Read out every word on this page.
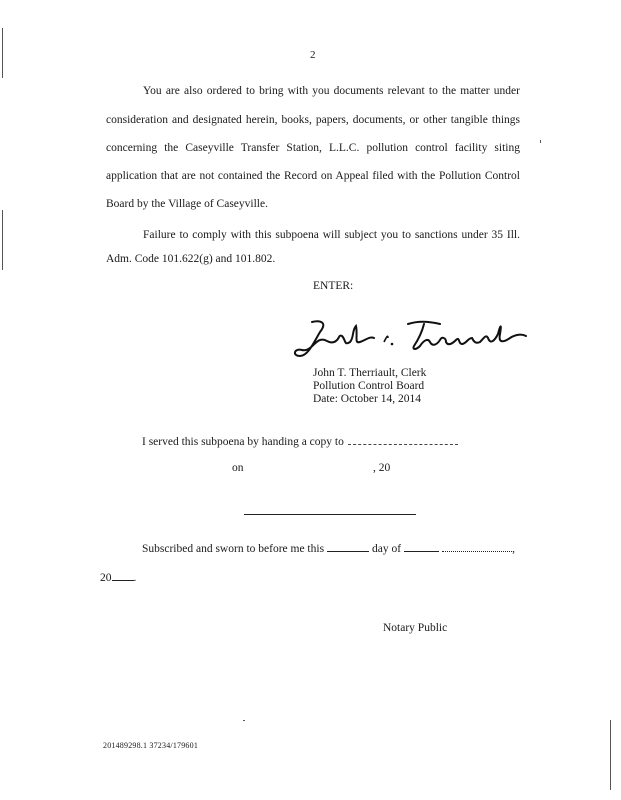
2
You are also ordered to bring with you documents relevant to the matter under
consideration and designated herein, books, papers, documents, or other tangible things
concerning the Caseyville Transfer Station, L.L.C. pollution control facility siting
application that are not contained the Record on Appeal filed with the Pollution Control
Board by the Village of Caseyville.
Failure to comply with this subpoena will subject you to sanctions under 35 Ill.
Adm. Code 101.622(g) and 101.802.
ENTER:
John T. Therriault, Clerk
Pollution Control Board
Date: October 14, 2014
I served this subpoena by handing a copy to
on	, 20
Subscribed and sworn to before me this	day of	,
20 .
Notary Public
201489298.1 37234/179601
